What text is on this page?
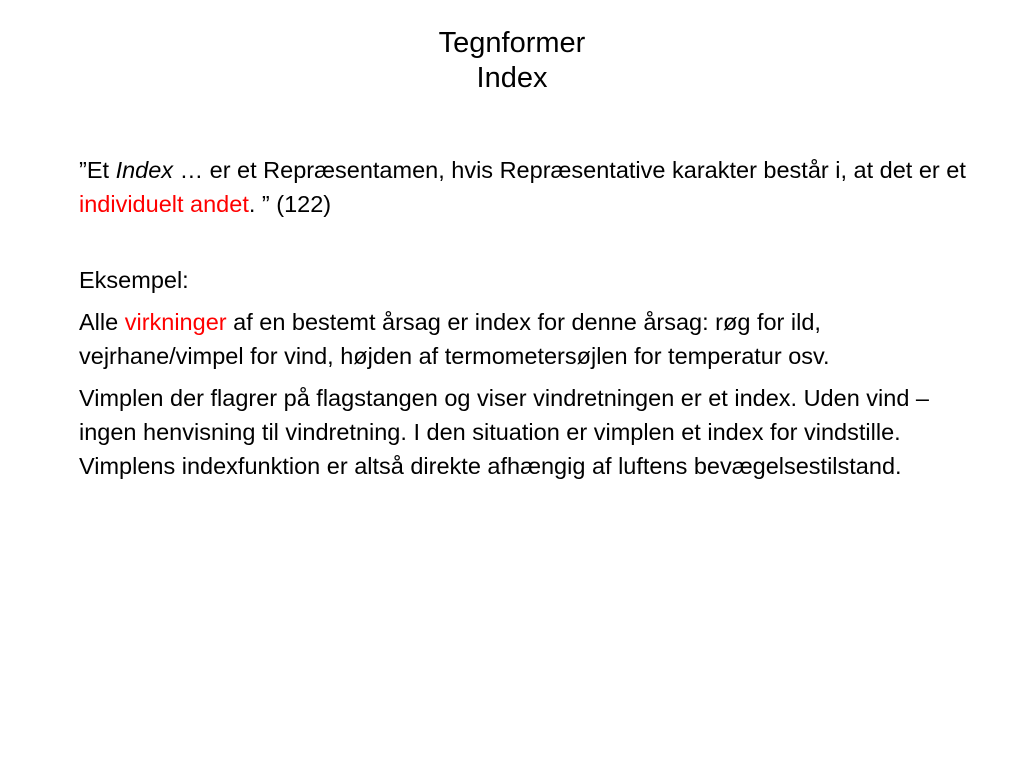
Tegnformer
Index

”Et Index … er et Repræsentamen, hvis Repræsentative karakter består i, at det er et individuelt andet. ” (122)

Eksempel:

Alle virkninger af en bestemt årsag er index for denne årsag: røg for ild, vejrhane/vimpel for vind, højden af termometersøjlen for temperatur osv.

Vimplen der flagrer på flagstangen og viser vindretningen er et index. Uden vind – ingen henvisning til vindretning. I den situation er vimplen et index for vindstille. Vimplens indexfunktion er altså direkte afhængig af luftens bevægelsestilstand.
